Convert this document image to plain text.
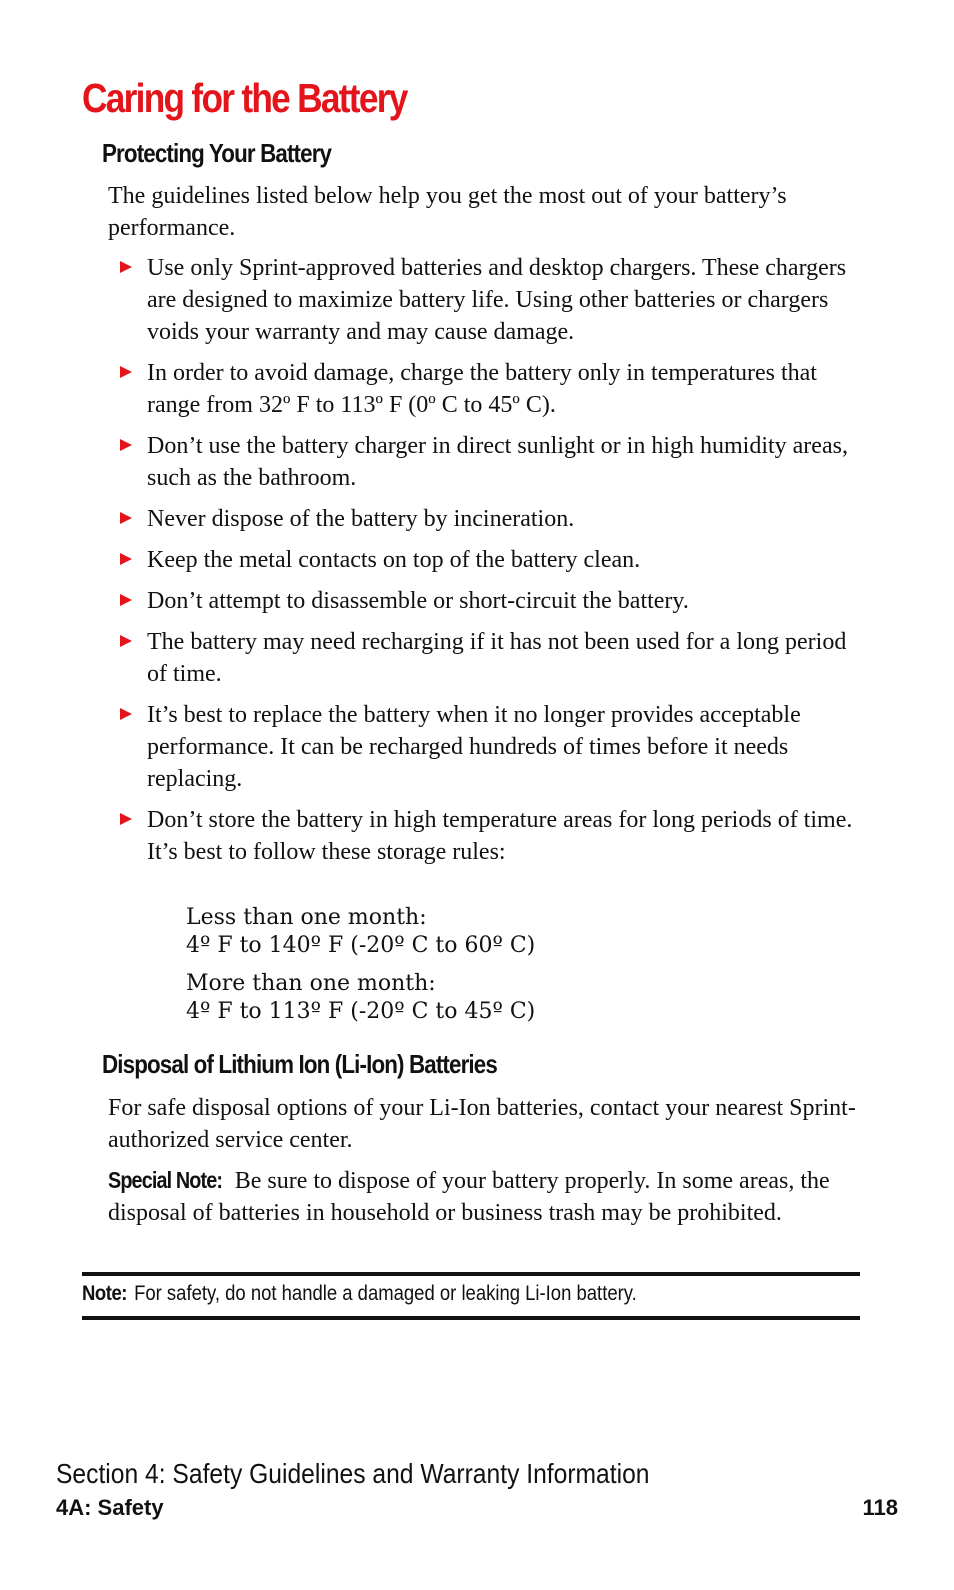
Caring for the Battery
Protecting Your Battery

The guidelines listed below help you get the most out of your battery’s performance.

Use only Sprint-approved batteries and desktop chargers. These chargers are designed to maximize battery life. Using other batteries or chargers voids your warranty and may cause damage.
In order to avoid damage, charge the battery only in temperatures that range from 32º F to 113º F (0º C to 45º C).
Don’t use the battery charger in direct sunlight or in high humidity areas, such as the bathroom.
Never dispose of the battery by incineration.
Keep the metal contacts on top of the battery clean.
Don’t attempt to disassemble or short-circuit the battery.
The battery may need recharging if it has not been used for a long period of time.
It’s best to replace the battery when it no longer provides acceptable performance. It can be recharged hundreds of times before it needs replacing.
Don’t store the battery in high temperature areas for long periods of time. It’s best to follow these storage rules:
Less than one month:
4º F to 140º F (-20º C to 60º C)
More than one month:
4º F to 113º F (-20º C to 45º C)
Disposal of Lithium Ion (Li-Ion) Batteries

For safe disposal options of your Li-Ion batteries, contact your nearest Sprint-authorized service center.

Special Note: Be sure to dispose of your battery properly. In some areas, the disposal of batteries in household or business trash may be prohibited.

Note: For safety, do not handle a damaged or leaking Li-Ion battery.

Section 4: Safety Guidelines and Warranty Information

4A: Safety	118
